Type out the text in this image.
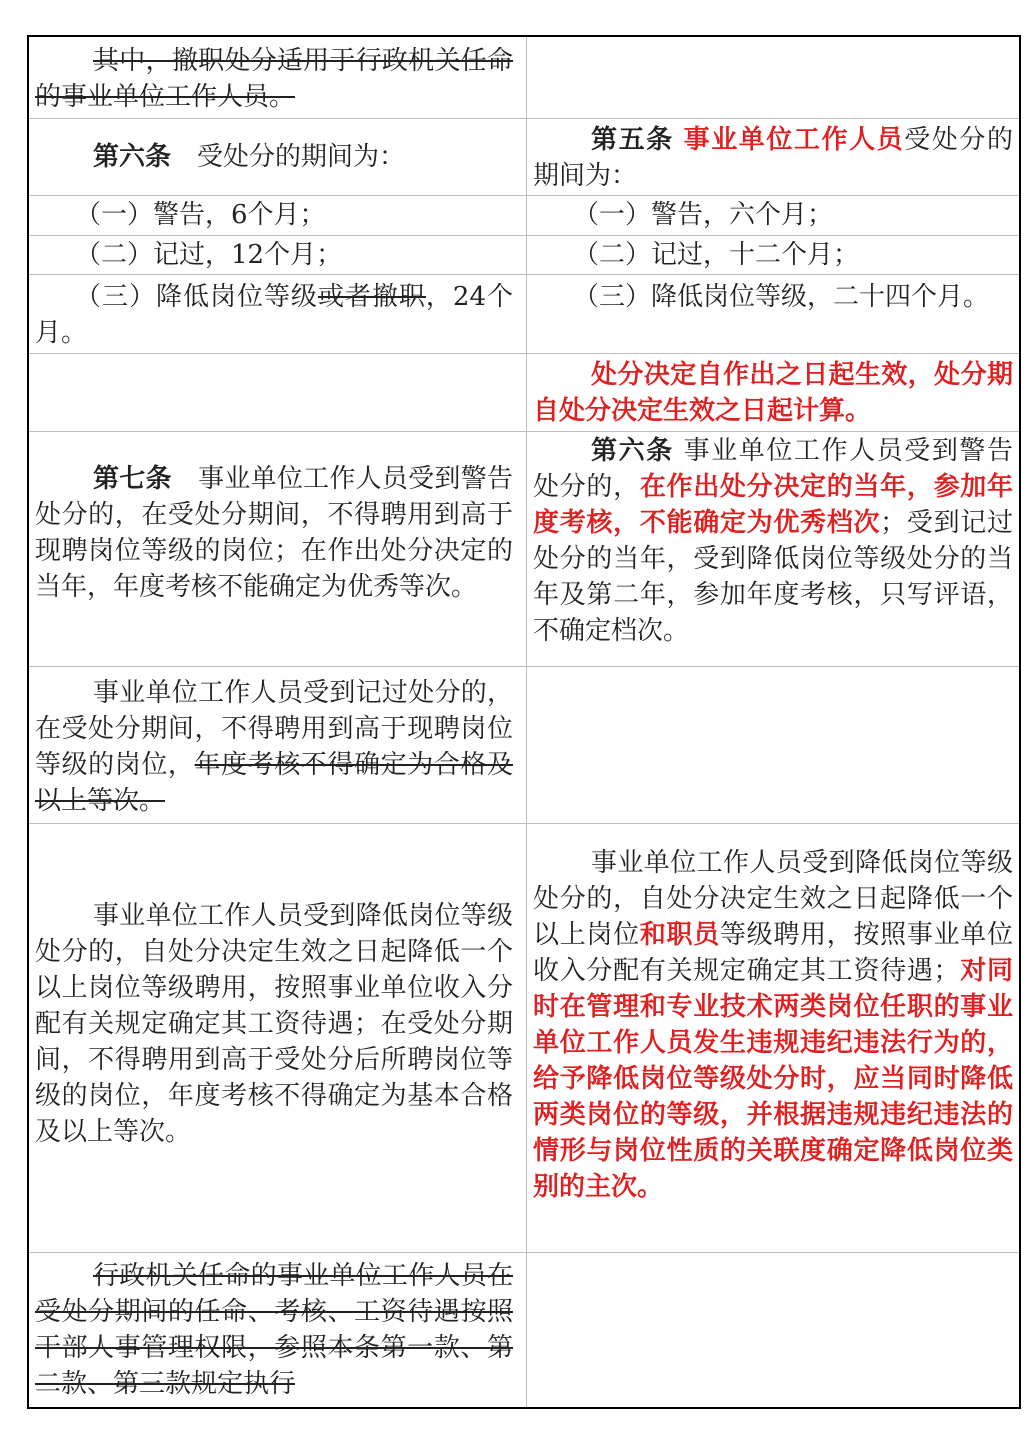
其中，撤职处分适用于行政机关任命的事业单位工作人员。

第六条　 受处分的期间为：

第五条 事业单位工作人员受处分的期间为：

（一）警告，6个月；	（一）警告，六个月；

（二）记过，12个月；	（二）记过，十二个月；

（三）降低岗位等级或者撤职，24个月。

（三）降低岗位等级，二十四个月。

处分决定自作出之日起生效，处分期自处分决定生效之日起计算。

第七条　 事业单位工作人员受到警告处分的，在受处分期间，不得聘用到高于现聘岗位等级的岗位；在作出处分决定的当年，年度考核不能确定为优秀等次。

第六条 事业单位工作人员受到警告处分的，在作出处分决定的当年，参加年度考核，不能确定为优秀档次；受到记过处分的当年，受到降低岗位等级处分的当年及第二年，参加年度考核，只写评语，不确定档次。

事业单位工作人员受到记过处分的，在受处分期间，不得聘用到高于现聘岗位等级的岗位，年度考核不得确定为合格及以上等次。

事业单位工作人员受到降低岗位等级处分的，自处分决定生效之日起降低一个以上岗位等级聘用，按照事业单位收入分配有关规定确定其工资待遇；在受处分期间，不得聘用到高于受处分后所聘岗位等级的岗位，年度考核不得确定为基本合格及以上等次。

事业单位工作人员受到降低岗位等级处分的，自处分决定生效之日起降低一个以上岗位和职员等级聘用，按照事业单位收入分配有关规定确定其工资待遇；对同时在管理和专业技术两类岗位任职的事业单位工作人员发生违规违纪违法行为的，给予降低岗位等级处分时，应当同时降低两类岗位的等级，并根据违规违纪违法的情形与岗位性质的关联度确定降低岗位类别的主次。

行政机关任命的事业单位工作人员在受处分期间的任命、考核、工资待遇按照干部人事管理权限，参照本条第一款、第二款、第三款规定执行
